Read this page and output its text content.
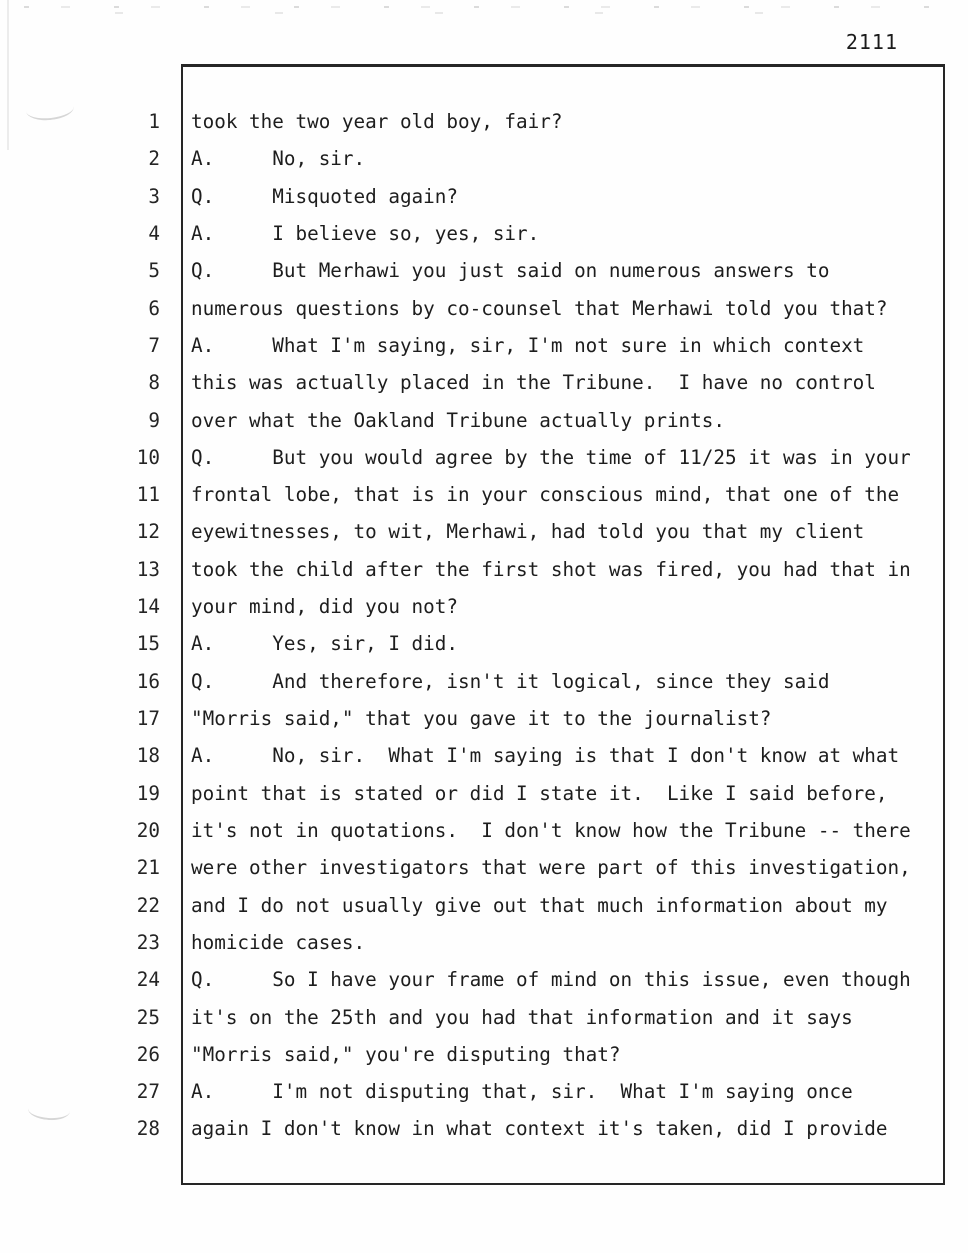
2111
1 took the two year old boy, fair?
2 A.     No, sir.
3 Q.     Misquoted again?
4 A.     I believe so, yes, sir.
5 Q.     But Merhawi you just said on numerous answers to
6 numerous questions by co-counsel that Merhawi told you that?
7 A.     What I'm saying, sir, I'm not sure in which context
8 this was actually placed in the Tribune.  I have no control
9 over what the Oakland Tribune actually prints.
10 Q.     But you would agree by the time of 11/25 it was in your
11 frontal lobe, that is in your conscious mind, that one of the
12 eyewitnesses, to wit, Merhawi, had told you that my client
13 took the child after the first shot was fired, you had that in
14 your mind, did you not?
15 A.     Yes, sir, I did.
16 Q.     And therefore, isn't it logical, since they said
17 "Morris said," that you gave it to the journalist?
18 A.     No, sir.  What I'm saying is that I don't know at what
19 point that is stated or did I state it.  Like I said before,
20 it's not in quotations.  I don't know how the Tribune -- there
21 were other investigators that were part of this investigation,
22 and I do not usually give out that much information about my
23 homicide cases.
24 Q.     So I have your frame of mind on this issue, even though
25 it's on the 25th and you had that information and it says
26 "Morris said," you're disputing that?
27 A.     I'm not disputing that, sir.  What I'm saying once
28 again I don't know in what context it's taken, did I provide
